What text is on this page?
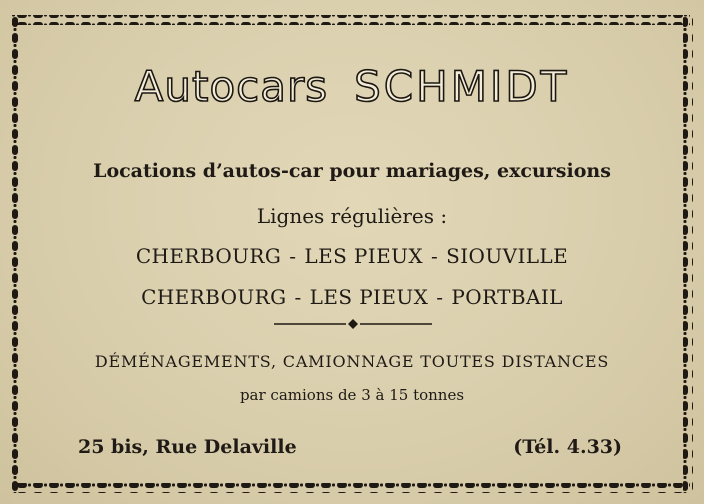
Autocars SCHMIDT
Locations d’autos-car pour mariages, excursions
Lignes régulières :
CHERBOURG - LES PIEUX - SIOUVILLE
CHERBOURG - LES PIEUX - PORTBAIL
DÉMÉNAGEMENTS, CAMIONNAGE TOUTES DISTANCES
par camions de 3 à 15 tonnes
25 bis, Rue Delaville	(Tél. 4.33)
